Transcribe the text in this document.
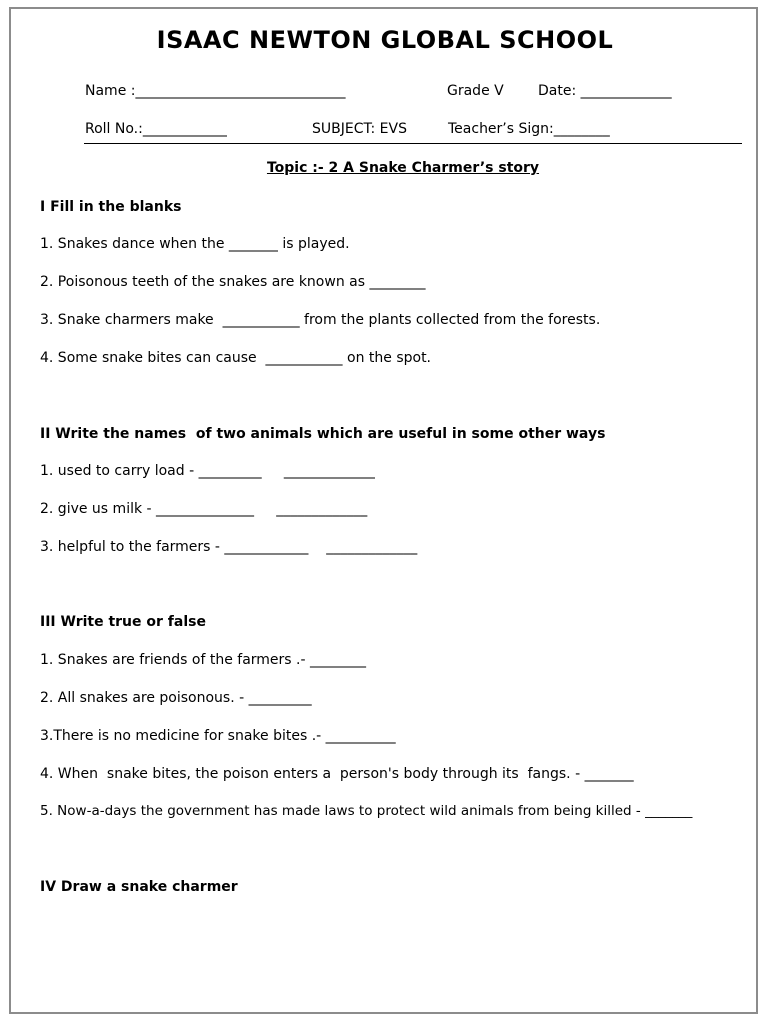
ISAAC NEWTON GLOBAL SCHOOL
Name :______________________________	Grade V Date: _____________
Roll No.:____________	SUBJECT: EVS	Teacher’s Sign:________
Topic :- 2 A Snake Charmer’s story
I Fill in the blanks
1. Snakes dance when the _______ is played.
2. Poisonous teeth of the snakes are known as ________
3. Snake charmers make  ___________ from the plants collected from the forests.
4. Some snake bites can cause  ___________ on the spot.
II Write the names  of two animals which are useful in some other ways
1. used to carry load - _________     _____________
2. give us milk - ______________     _____________
3. helpful to the farmers - ____________    _____________
III Write true or false
1. Snakes are friends of the farmers .- ________
2. All snakes are poisonous. - _________
3.There is no medicine for snake bites .- __________
4. When  snake bites, the poison enters a  person's body through its  fangs. - _______
5. Now-a-days the government has made laws to protect wild animals from being killed - _______
IV Draw a snake charmer
